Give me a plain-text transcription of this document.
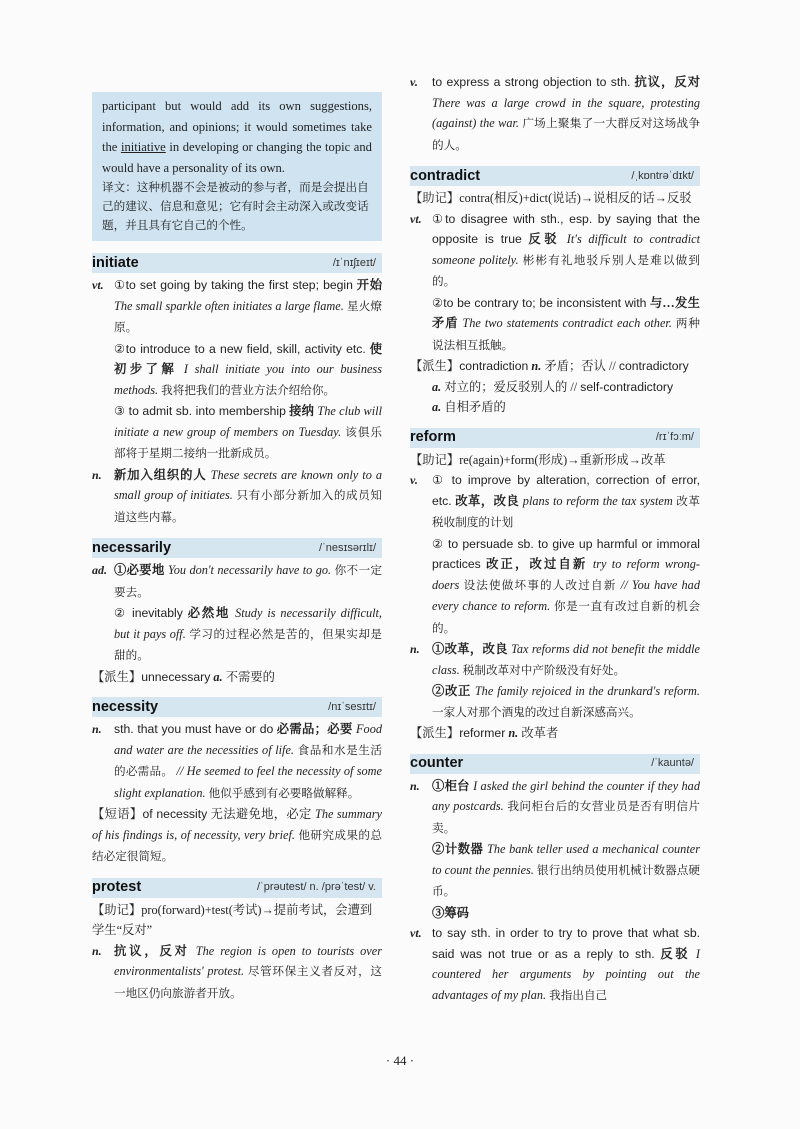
participant but would add its own suggestions, information, and opinions; it would sometimes take the initiative in developing or changing the topic and would have a personality of its own.
译文：这种机器不会是被动的参与者，而是会提出自己的建议、信息和意见；它有时会主动深入或改变话题，并且具有它自己的个性。
initiate	/ɪˈnɪʃɪeɪt/
vt. ①to set going by taking the first step; begin 开始 The small sparkle often initiates a large flame. 星火燎原。
②to introduce to a new field, skill, activity etc. 使初步了解 I shall initiate you into our business methods. 我将把我们的营业方法介绍给你。
③ to admit sb. into membership 接纳 The club will initiate a new group of members on Tuesday. 该俱乐部将于星期二接纳一批新成员。
n. 新加入组织的人 These secrets are known only to a small group of initiates. 只有小部分新加入的成员知道这些内幕。
necessarily	/ˈnesɪsərɪlɪ/
ad. ①必要地 You don't necessarily have to go. 你不一定要去。
② inevitably 必然地 Study is necessarily difficult, but it pays off. 学习的过程必然是苦的，但果实却是甜的。
【派生】unnecessary a. 不需要的
necessity	/nɪˈsesɪtɪ/
n. sth. that you must have or do 必需品；必要 Food and water are the necessities of life. 食品和水是生活的必需品。 // He seemed to feel the necessity of some slight explanation. 他似乎感到有必要略做解释。
【短语】of necessity 无法避免地，必定 The summary of his findings is, of necessity, very brief. 他研究成果的总结必定很简短。
protest	/ˈprəutest/ n. /prəˈtest/ v.
【助记】pro(forward)+test(考试)→提前考试，会遭到学生“反对”
n. 抗议，反对 The region is open to tourists over environmentalists' protest. 尽管环保主义者反对，这一地区仍向旅游者开放。
v. to express a strong objection to sth. 抗议，反对 There was a large crowd in the square, protesting (against) the war. 广场上聚集了一大群反对这场战争的人。
contradict	/ˌkɒntrəˈdɪkt/
【助记】contra(相反)+dict(说话)→说相反的话→反驳
vt. ①to disagree with sth., esp. by saying that the opposite is true 反驳 It's difficult to contradict someone politely. 彬彬有礼地驳斥别人是难以做到的。
②to be contrary to; be inconsistent with 与…发生矛盾 The two statements contradict each other. 两种说法相互抵触。
【派生】contradiction n. 矛盾；否认 // contradictory
a. 对立的；爱反驳别人的 // self-contradictory
a. 自相矛盾的
reform	/rɪˈfɔːm/
【助记】re(again)+form(形成)→重新形成→改革
v. ① to improve by alteration, correction of error, etc. 改革，改良 plans to reform the tax system 改革税收制度的计划
② to persuade sb. to give up harmful or immoral practices 改正，改过自新 try to reform wrong-doers 设法使做坏事的人改过自新 // You have had every chance to reform. 你是一直有改过自新的机会的。
n. ①改革，改良 Tax reforms did not benefit the middle class. 税制改革对中产阶级没有好处。
②改正 The family rejoiced in the drunkard's reform. 一家人对那个酒鬼的改过自新深感高兴。
【派生】reformer n. 改革者
counter	/ˈkauntə/
n. ①柜台 I asked the girl behind the counter if they had any postcards. 我问柜台后的女营业员是否有明信片卖。
②计数器 The bank teller used a mechanical counter to count the pennies. 银行出纳员使用机械计数器点硬币。
③筹码
vt. to say sth. in order to try to prove that what sb. said was not true or as a reply to sth. 反驳 I countered her arguments by pointing out the advantages of my plan. 我指出自己
· 44 ·
